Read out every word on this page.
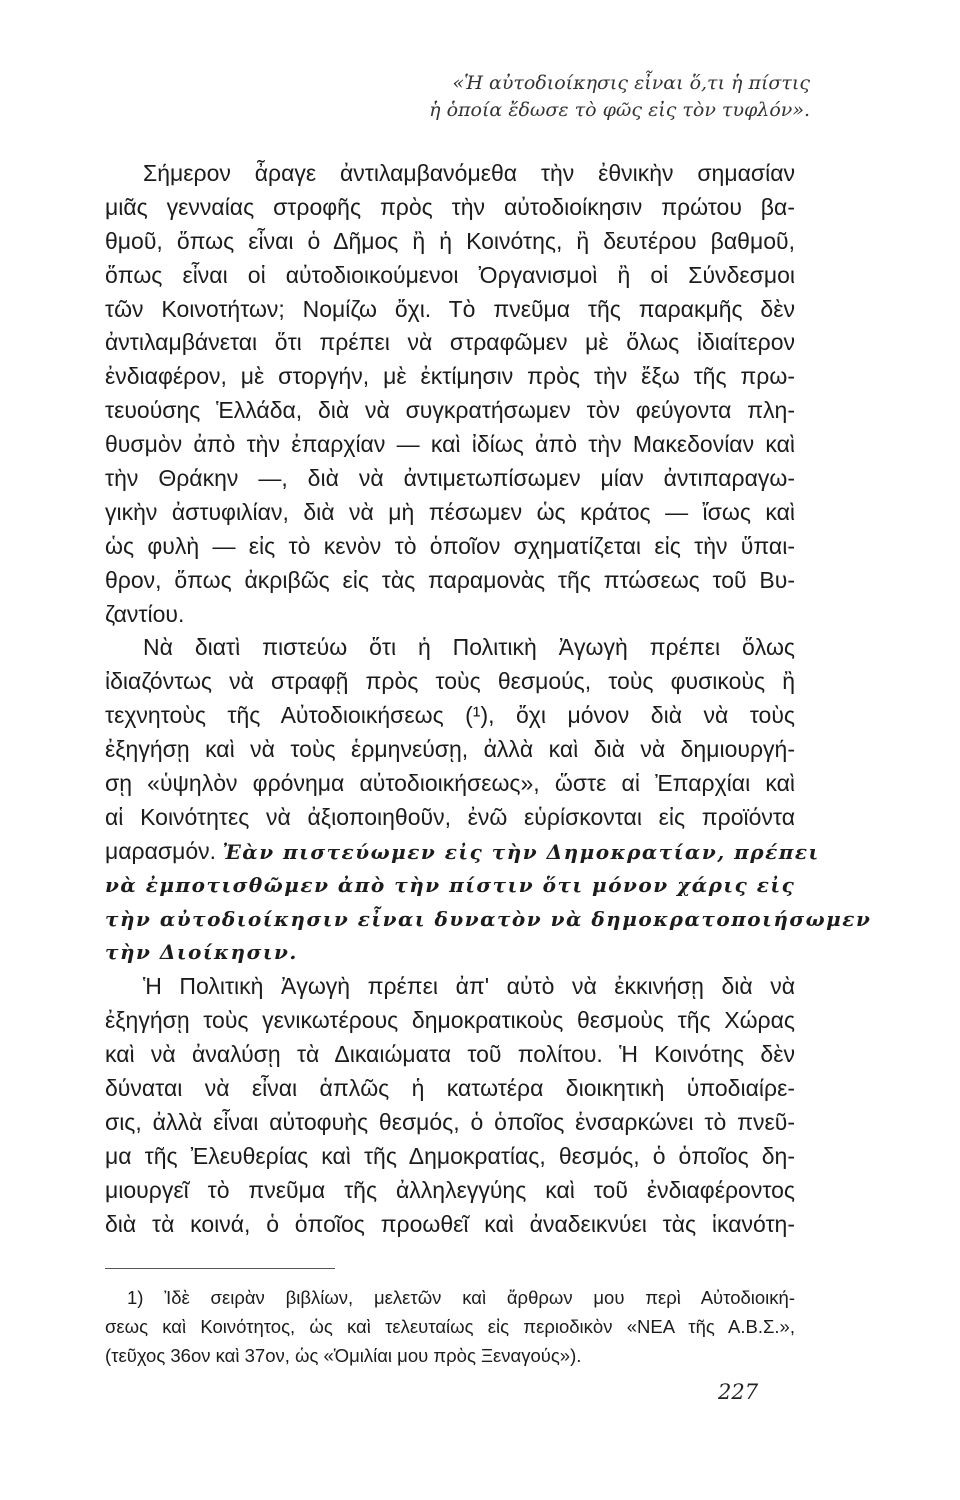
«Ἡ αὐτοδιοίκησις εἶναι ὅ,τι ἡ πίστις
ἡ ὁποία ἔδωσε τὸ φῶς εἰς τὸν τυφλόν».
Σήμερον ἆραγε ἀντιλαμβανόμεθα τὴν ἐθνικὴν σημασίαν
μιᾶς γενναίας στροφῆς πρὸς τὴν αὐτοδιοίκησιν πρώτου βα-
θμοῦ, ὅπως εἶναι ὁ Δῆμος ἢ ἡ Κοινότης, ἢ δευτέρου βαθμοῦ,
ὅπως εἶναι οἱ αὐτοδιοικούμενοι Ὀργανισμοὶ ἢ οἱ Σύνδεσμοι
τῶν Κοινοτήτων; Νομίζω ὄχι. Τὸ πνεῦμα τῆς παρακμῆς δὲν
ἀντιλαμβάνεται ὅτι πρέπει νὰ στραφῶμεν μὲ ὅλως ἰδιαίτερον
ἐνδιαφέρον, μὲ στοργήν, μὲ ἐκτίμησιν πρὸς τὴν ἔξω τῆς πρω-
τευούσης Ἑλλάδα, διὰ νὰ συγκρατήσωμεν τὸν φεύγοντα πλη-
θυσμὸν ἀπὸ τὴν ἐπαρχίαν — καὶ ἰδίως ἀπὸ τὴν Μακεδονίαν καὶ
τὴν Θράκην —, διὰ νὰ ἀντιμετωπίσωμεν μίαν ἀντιπαραγω-
γικὴν ἀστυφιλίαν, διὰ νὰ μὴ πέσωμεν ὡς κράτος — ἴσως καὶ
ὡς φυλὴ — εἰς τὸ κενὸν τὸ ὁποῖον σχηματίζεται εἰς τὴν ὕπαι-
θρον, ὅπως ἀκριβῶς εἰς τὰς παραμονὰς τῆς πτώσεως τοῦ Βυ-
ζαντίου.
Νὰ διατὶ πιστεύω ὅτι ἡ Πολιτικὴ Ἀγωγὴ πρέπει ὅλως
ἰδιαζόντως νὰ στραφῇ πρὸς τοὺς θεσμούς, τοὺς φυσικοὺς ἢ
τεχνητοὺς τῆς Αὐτοδιοικήσεως (¹), ὄχι μόνον διὰ νὰ τοὺς
ἐξηγήσῃ καὶ νὰ τοὺς ἑρμηνεύσῃ, ἀλλὰ καὶ διὰ νὰ δημιουργή-
σῃ «ὑψηλὸν φρόνημα αὐτοδιοικήσεως», ὥστε αἱ Ἐπαρχίαι καὶ
αἱ Κοινότητες νὰ ἀξιοποιηθοῦν, ἐνῶ εὑρίσκονται εἰς προϊόντα
μαρασμόν. Ἐὰν πιστεύωμεν εἰς τὴν Δημοκρατίαν, πρέπει
νὰ ἐμποτισθῶμεν ἀπὸ τὴν πίστιν ὅτι μόνον χάρις εἰς
τὴν αὐτοδιοίκησιν εἶναι δυνατὸν νὰ δημοκρατοποιήσωμεν
τὴν Διοίκησιν.
Ἡ Πολιτικὴ Ἀγωγὴ πρέπει ἀπ' αὐτὸ νὰ ἐκκινήσῃ διὰ νὰ
ἐξηγήσῃ τοὺς γενικωτέρους δημοκρατικοὺς θεσμοὺς τῆς Χώρας
καὶ νὰ ἀναλύσῃ τὰ Δικαιώματα τοῦ πολίτου. Ἡ Κοινότης δὲν
δύναται νὰ εἶναι ἁπλῶς ἡ κατωτέρα διοικητικὴ ὑποδιαίρε-
σις, ἀλλὰ εἶναι αὐτοφυὴς θεσμός, ὁ ὁποῖος ἐνσαρκώνει τὸ πνεῦ-
μα τῆς Ἐλευθερίας καὶ τῆς Δημοκρατίας, θεσμός, ὁ ὁποῖος δη-
μιουργεῖ τὸ πνεῦμα τῆς ἀλληλεγγύης καὶ τοῦ ἐνδιαφέροντος
διὰ τὰ κοινά, ὁ ὁποῖος προωθεῖ καὶ ἀναδεικνύει τὰς ἱκανότη-
1) Ἰδὲ σειρὰν βιβλίων, μελετῶν καὶ ἄρθρων μου περὶ Αὐτοδιοική-
σεως καὶ Κοινότητος, ὡς καὶ τελευταίως εἰς περιοδικὸν «ΝΕΑ τῆς Α.Β.Σ.»,
(τεῦχος 36ον καὶ 37ον, ὡς «Ὁμιλίαι μου πρὸς Ξεναγούς»).
227
